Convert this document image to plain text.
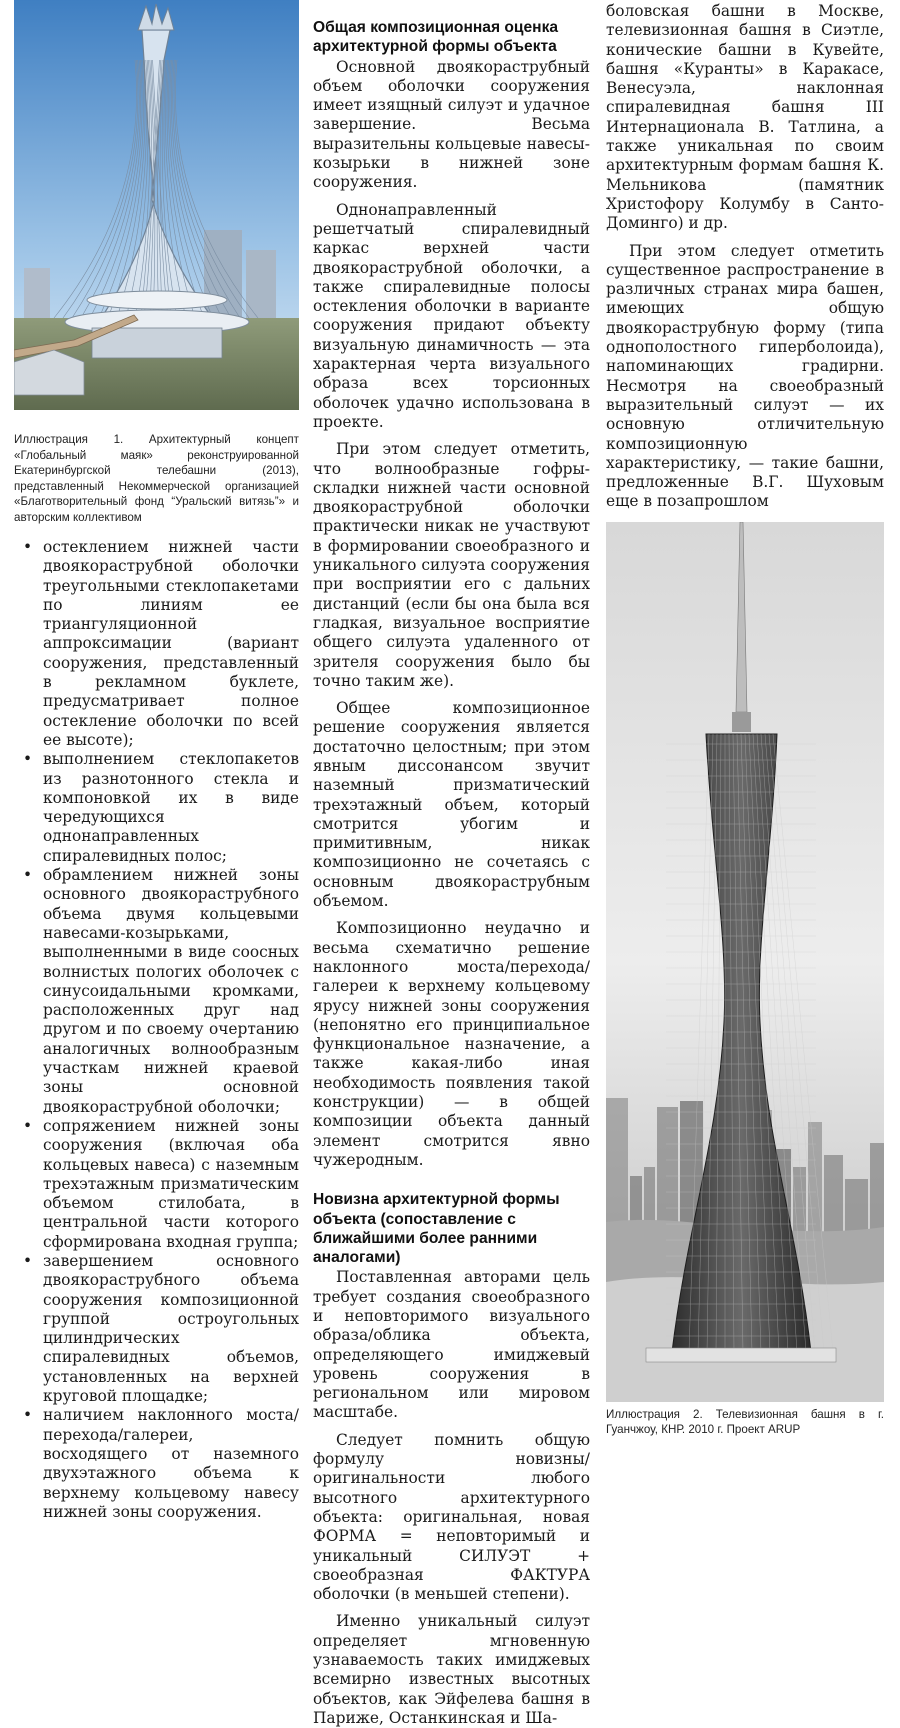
Иллюстрация 1. Архитектурный концепт «Глобальный маяк» реконструированной Екатеринбургской телебашни (2013), представленный Некоммерческой организацией «Благотворительный фонд “Уральский витязь”» и авторским коллективом
• остеклением нижней части двоякораструбной оболочки треугольными стеклопакетами по линиям ее триангуляционной аппроксимации (вариант сооружения, представленный в рекламном буклете, предусматривает полное остекление оболочки по всей ее высоте);
• выполнением стеклопакетов из разнотонного стекла и компоновкой их в виде чередующихся однонаправленных спиралевидных полос;
• обрамлением нижней зоны основного двоякораструбного объема двумя кольцевыми навесами-козырьками, выполненными в виде соосных волнистых пологих оболочек с синусоидальными кромками, расположенных друг над другом и по своему очертанию аналогичных волнообразным участкам нижней краевой зоны основной двоякораструбной оболочки;
• сопряжением нижней зоны сооружения (включая оба кольцевых навеса) с наземным трехэтажным призматическим объемом стилобата, в центральной части которого сформирована входная группа;
• завершением основного двоякораструбного объема сооружения композиционной группой остроугольных цилиндрических спиралевидных объемов, установленных на верхней круговой площадке;
• наличием наклонного моста/перехода/галереи, восходящего от наземного двухэтажного объема к верхнему кольцевому навесу нижней зоны сооружения.
Общая композиционная оценка архитектурной формы объекта

Основной двоякораструбный объем оболочки сооружения имеет изящный силуэт и удачное завершение. Весьма выразительны кольцевые навесы-козырьки в нижней зоне сооружения.

Однонаправленный решетчатый спиралевидный каркас верхней части двоякораструбной оболочки, а также спиралевидные полосы остекления оболочки в варианте сооружения придают объекту визуальную динамичность — эта характерная черта визуального образа всех торсионных оболочек удачно использована в проекте.

При этом следует отметить, что волнообразные гофры-складки нижней части основной двоякораструбной оболочки практически никак не участвуют в формировании своеобразного и уникального силуэта сооружения при восприятии его с дальних дистанций (если бы она была вся гладкая, визуальное восприятие общего силуэта удаленного от зрителя сооружения было бы точно таким же).

Общее композиционное решение сооружения является достаточно целостным; при этом явным диссонансом звучит наземный призматический трехэтажный объем, который смотрится убогим и примитивным, никак композиционно не сочетаясь с основным двоякораструбным объемом.

Композиционно неудачно и весьма схематично решение наклонного моста/перехода/галереи к верхнему кольцевому ярусу нижней зоны сооружения (непонятно его принципиальное функциональное назначение, а также какая-либо иная необходимость появления такой конструкции) — в общей композиции объекта данный элемент смотрится явно чужеродным.

Новизна архитектурной формы объекта (сопоставление с ближайшими более ранними аналогами)

Поставленная авторами цель требует создания своеобразного и неповторимого визуального образа/облика объекта, определяющего имиджевый уровень сооружения в региональном или мировом масштабе.

Следует помнить общую формулу новизны/оригинальности любого высотного архитектурного объекта: оригинальная, новая ФОРМА = неповторимый и уникальный СИЛУЭТ + своеобразная ФАКТУРА оболочки (в меньшей степени).

Именно уникальный силуэт определяет мгновенную узнаваемость таких имиджевых всемирно известных высотных объектов, как Эйфелева башня в Париже, Останкинская и Ша-

боловская башни в Москве, телевизионная башня в Сиэтле, конические башни в Кувейте, башня «Куранты» в Каракасе, Венесуэла, наклонная спиралевидная башня III Интернационала В. Татлина, а также уникальная по своим архитектурным формам башня К. Мельникова (памятник Христофору Колумбу в Санто-Доминго) и др.

При этом следует отметить существенное распространение в различных странах мира башен, имеющих общую двоякораструбную форму (типа однополостного гиперболоида), напоминающих градирни. Несмотря на своеобразный выразительный силуэт — их основную отличительную композиционную характеристику, — такие башни, предложенные В.Г. Шуховым еще в позапрошлом

Иллюстрация 2. Телевизионная башня в г. Гуанчжоу, КНР. 2010 г. Проект ARUP
